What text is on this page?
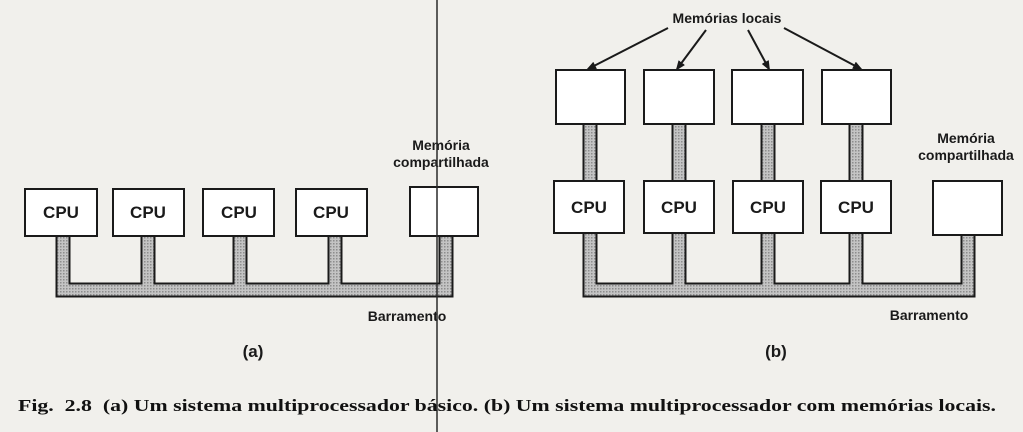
CPU	CPU	CPU	CPU
Memória
compartilhada
Barramento
(a)
CPU	CPU	CPU	CPU
Memórias locais
Memória
compartilhada
Barramento
(b)
Fig.  2.8  (a) Um sistema multiprocessador básico. (b) Um sistema multiprocessador com memórias locais.
